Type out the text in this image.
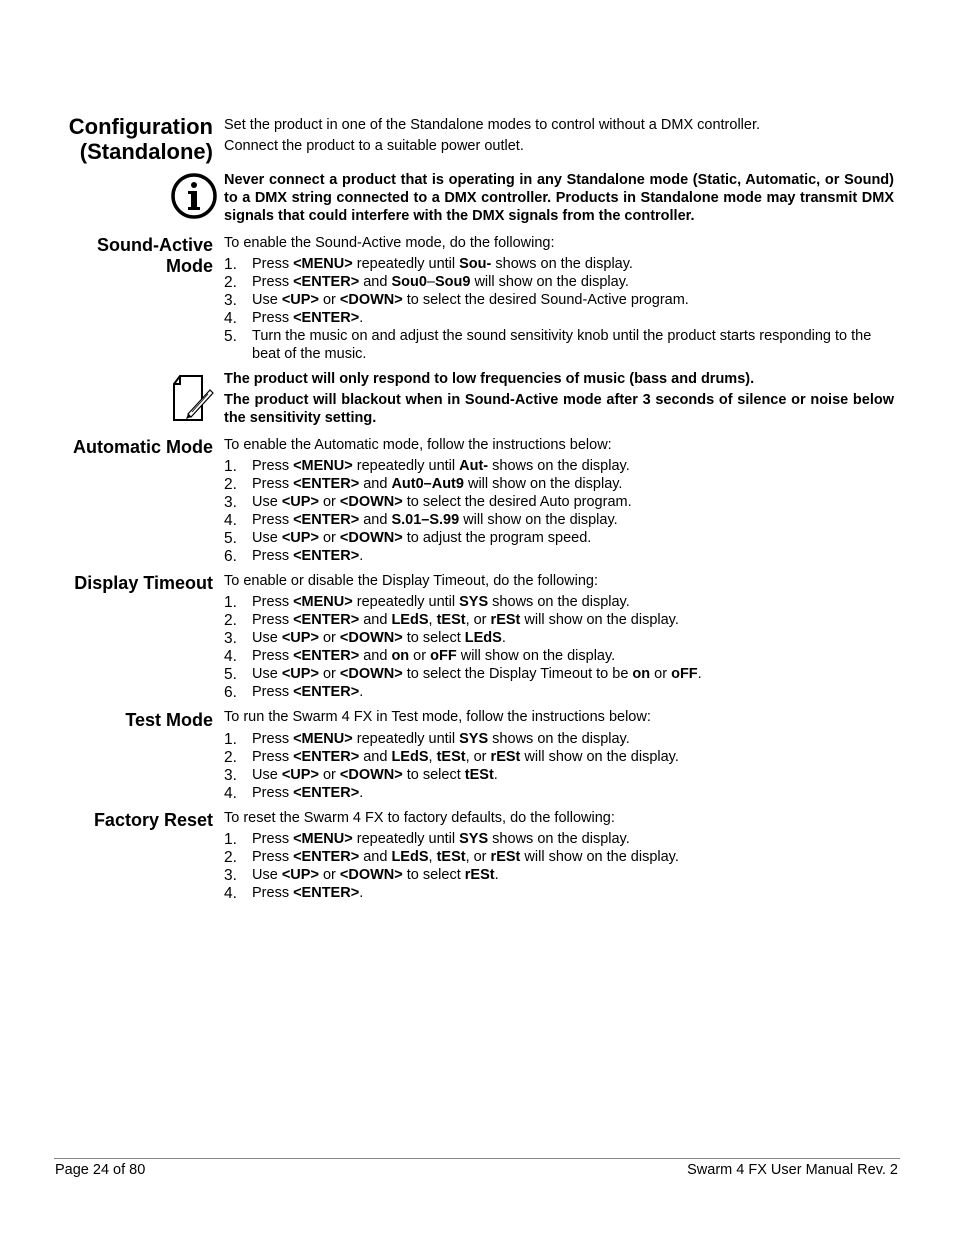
Configuration
(Standalone)
Set the product in one of the Standalone modes to control without a DMX controller.
Connect the product to a suitable power outlet.
Never connect a product that is operating in any Standalone mode (Static, Automatic, or Sound) to a DMX string connected to a DMX controller. Products in Standalone mode may transmit DMX signals that could interfere with the DMX signals from the controller.
Sound-Active
Mode
To enable the Sound-Active mode, do the following:
1. Press <MENU> repeatedly until Sou- shows on the display.
2. Press <ENTER> and Sou0–Sou9 will show on the display.
3. Use <UP> or <DOWN> to select the desired Sound-Active program.
4. Press <ENTER>.
5. Turn the music on and adjust the sound sensitivity knob until the product starts responding to the beat of the music.
The product will only respond to low frequencies of music (bass and drums).
The product will blackout when in Sound-Active mode after 3 seconds of silence or noise below the sensitivity setting.
Automatic Mode To enable the Automatic mode, follow the instructions below:
1. Press <MENU> repeatedly until Aut- shows on the display.
2. Press <ENTER> and Aut0–Aut9 will show on the display.
3. Use <UP> or <DOWN> to select the desired Auto program.
4. Press <ENTER> and S.01–S.99 will show on the display.
5. Use <UP> or <DOWN> to adjust the program speed.
6. Press <ENTER>.
Display Timeout To enable or disable the Display Timeout, do the following:
1. Press <MENU> repeatedly until SYS shows on the display.
2. Press <ENTER> and LEdS, tESt, or rESt will show on the display.
3. Use <UP> or <DOWN> to select LEdS.
4. Press <ENTER> and on or oFF will show on the display.
5. Use <UP> or <DOWN> to select the Display Timeout to be on or oFF.
6. Press <ENTER>.
Test Mode To run the Swarm 4 FX in Test mode, follow the instructions below:
1. Press <MENU> repeatedly until SYS shows on the display.
2. Press <ENTER> and LEdS, tESt, or rESt will show on the display.
3. Use <UP> or <DOWN> to select tESt.
4. Press <ENTER>.
Factory Reset To reset the Swarm 4 FX to factory defaults, do the following:
1. Press <MENU> repeatedly until SYS shows on the display.
2. Press <ENTER> and LEdS, tESt, or rESt will show on the display.
3. Use <UP> or <DOWN> to select rESt.
4. Press <ENTER>.
Page 24 of 80	Swarm 4 FX User Manual Rev. 2
